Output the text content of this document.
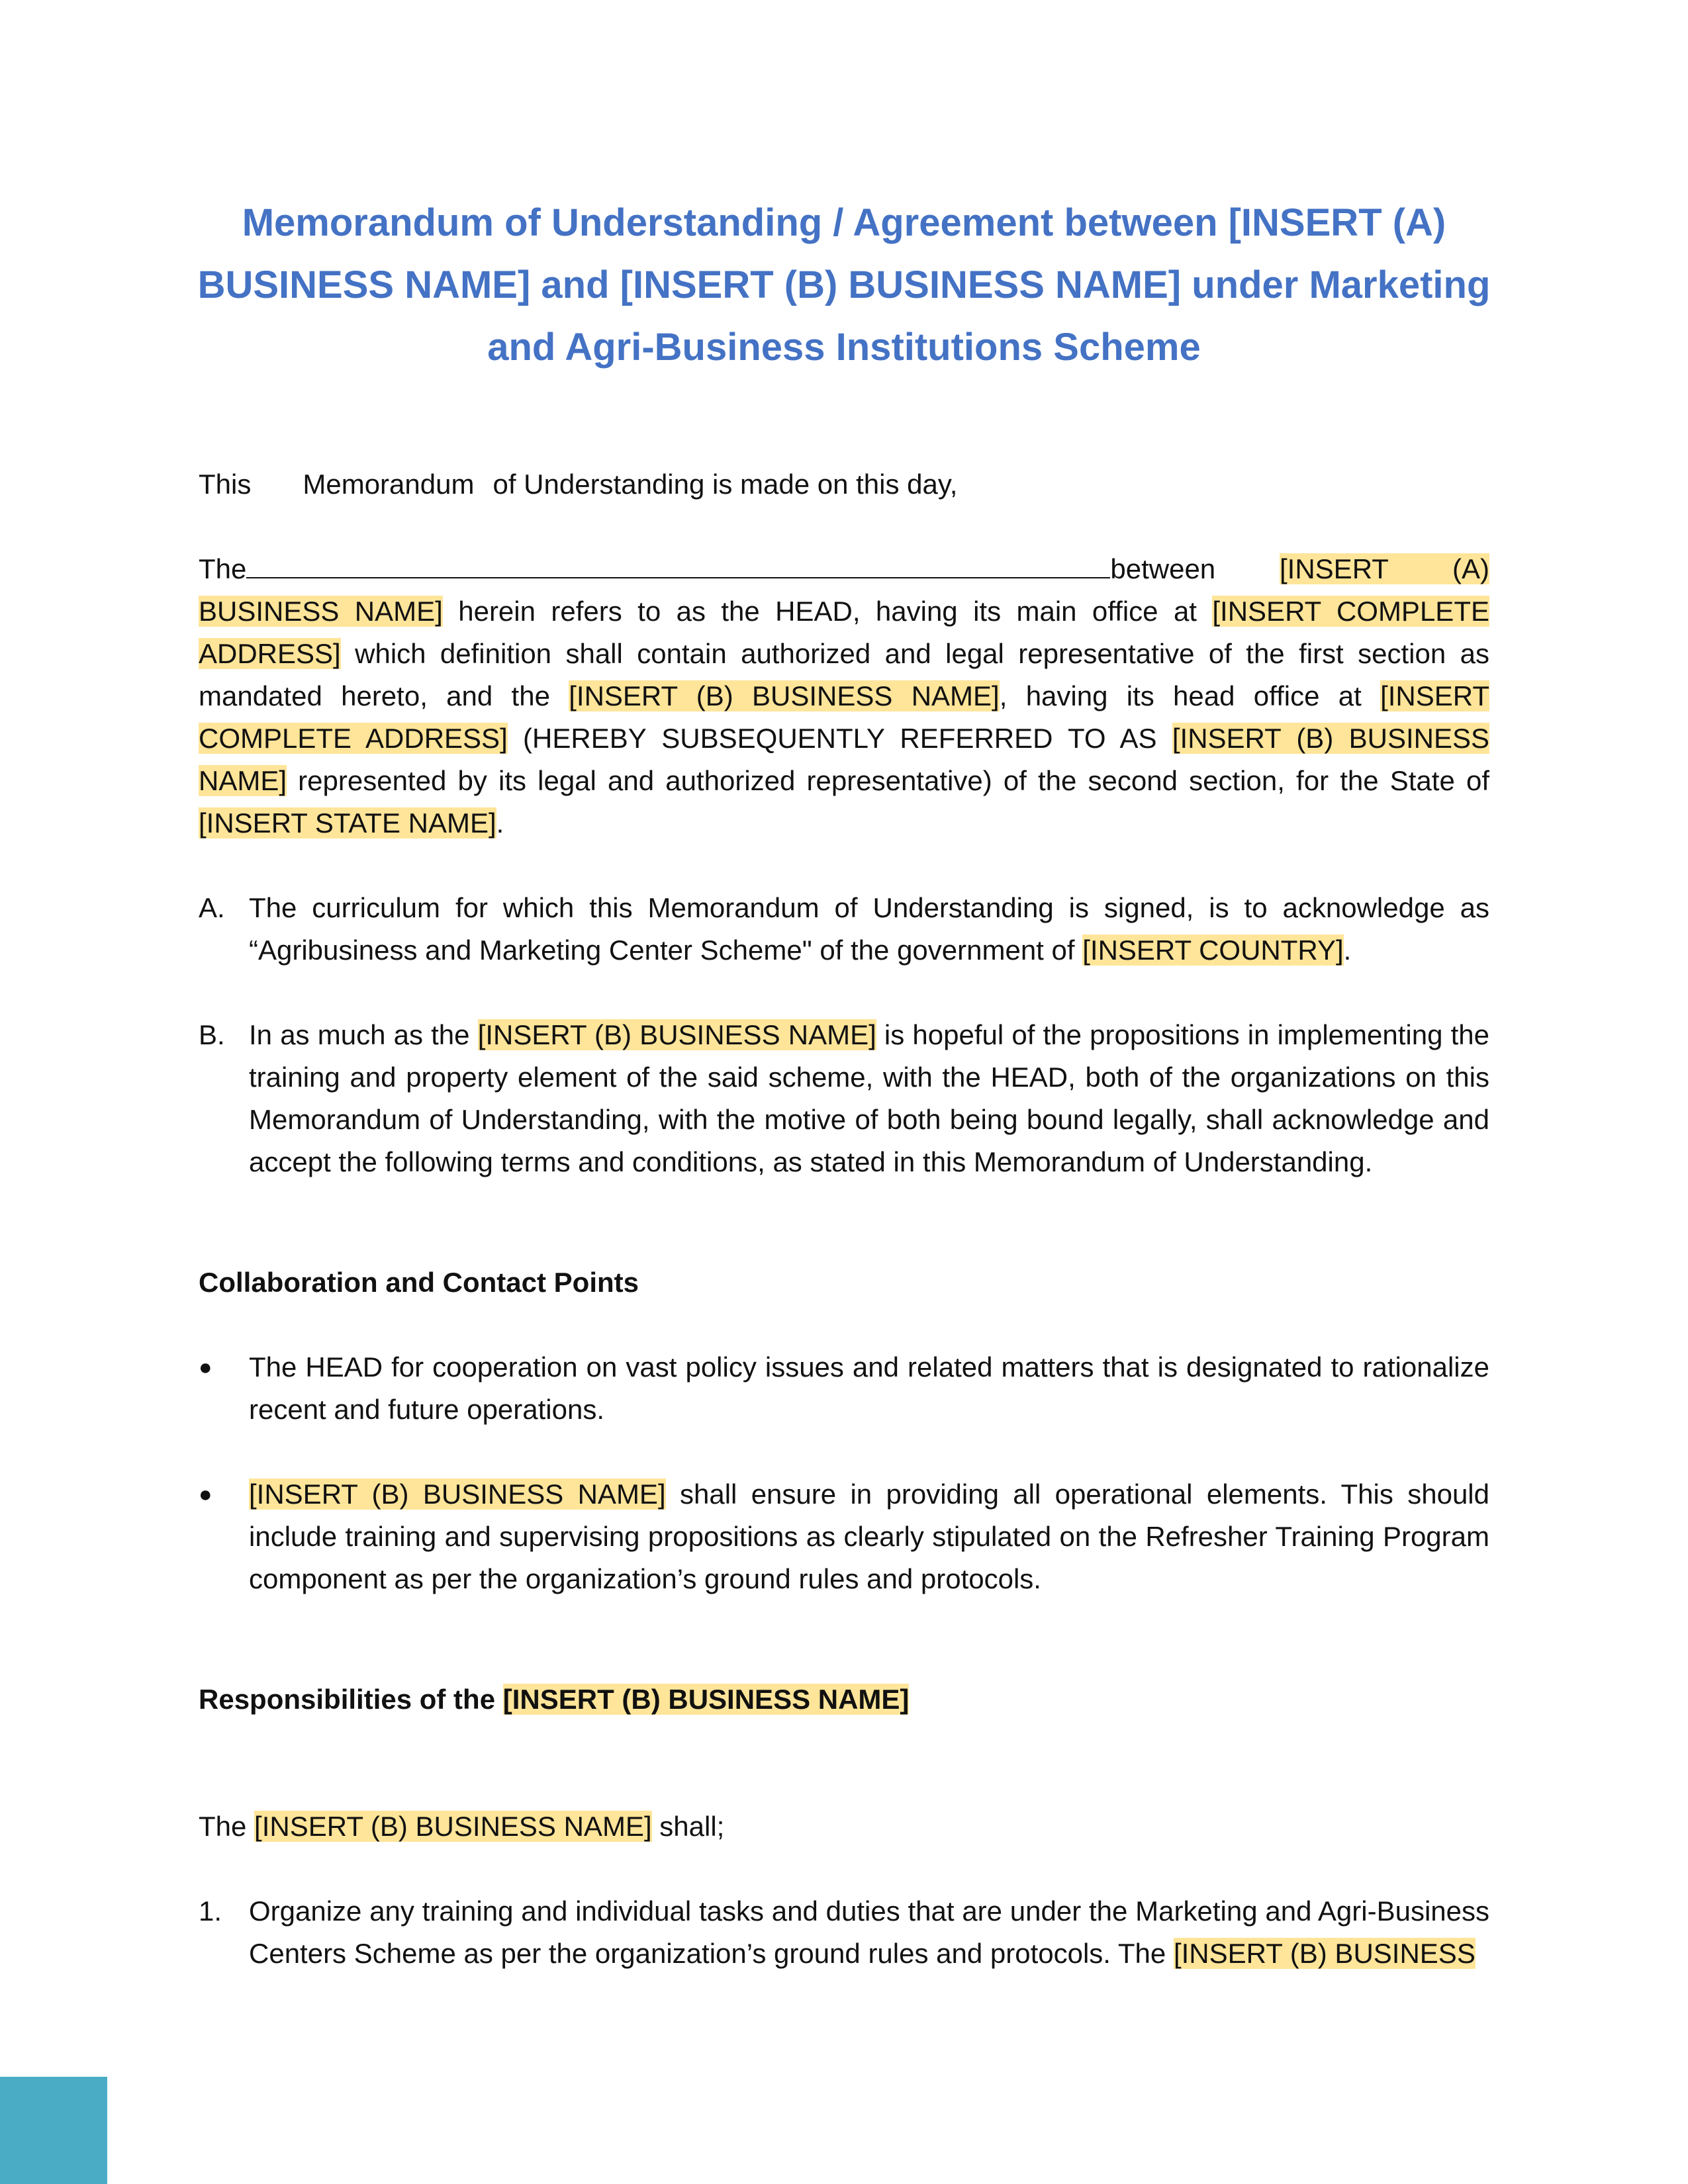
Memorandum of Understanding / Agreement between [INSERT (A)
BUSINESS NAME] and [INSERT (B) BUSINESS NAME] under Marketing
and Agri-Business Institutions Scheme

This Memorandum of Understanding is made on this day,

The	between [INSERT (A) BUSINESS NAME] herein refers to as the HEAD, having its main office at [INSERT COMPLETE ADDRESS] which definition shall contain authorized and legal representative of the first section as mandated hereto, and the [INSERT (B) BUSINESS NAME], having its head office at [INSERT COMPLETE ADDRESS] (HEREBY SUBSEQUENTLY REFERRED TO AS [INSERT (B) BUSINESS NAME] represented by its legal and authorized representative) of the second section, for the State of [INSERT STATE NAME].

A. The curriculum for which this Memorandum of Understanding is signed, is to acknowledge as “Agribusiness and Marketing Center Scheme" of the government of [INSERT COUNTRY].
B. In as much as the [INSERT (B) BUSINESS NAME] is hopeful of the propositions in implementing the training and property element of the said scheme, with the HEAD, both of the organizations on this Memorandum of Understanding, with the motive of both being bound legally, shall acknowledge and accept the following terms and conditions, as stated in this Memorandum of Understanding.

Collaboration and Contact Points

● The HEAD for cooperation on vast policy issues and related matters that is designated to rationalize recent and future operations.
● [INSERT (B) BUSINESS NAME] shall ensure in providing all operational elements. This should include training and supervising propositions as clearly stipulated on the Refresher Training Program component as per the organization’s ground rules and protocols.

Responsibilities of the [INSERT (B) BUSINESS NAME]

The [INSERT (B) BUSINESS NAME] shall;

1. Organize any training and individual tasks and duties that are under the Marketing and Agri-Business Centers Scheme as per the organization’s ground rules and protocols. The [INSERT (B) BUSINESS
